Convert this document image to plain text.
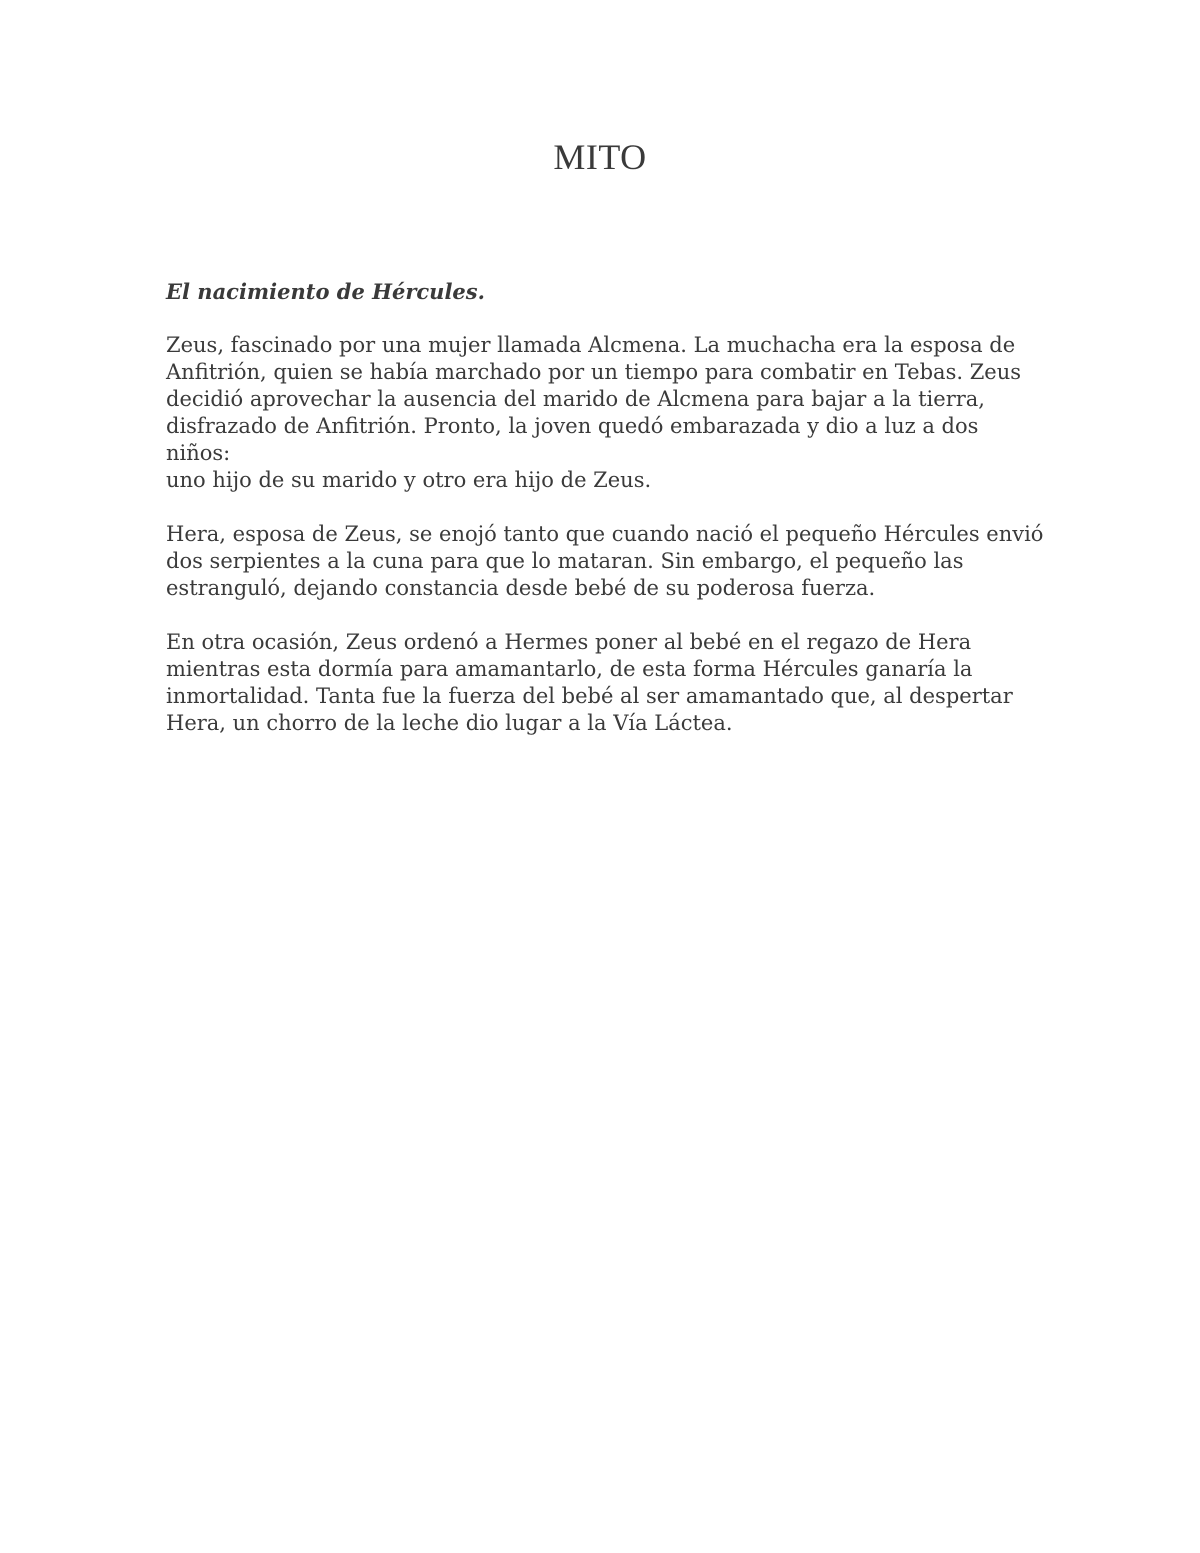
MITO

El nacimiento de Hércules.

Zeus, fascinado por una mujer llamada Alcmena. La muchacha era la esposa de
Anfitrión, quien se había marchado por un tiempo para combatir en Tebas. Zeus
decidió aprovechar la ausencia del marido de Alcmena para bajar a la tierra,
disfrazado de Anfitrión. Pronto, la joven quedó embarazada y dio a luz a dos niños:
uno hijo de su marido y otro era hijo de Zeus.

Hera, esposa de Zeus, se enojó tanto que cuando nació el pequeño Hércules envió
dos serpientes a la cuna para que lo mataran. Sin embargo, el pequeño las
estranguló, dejando constancia desde bebé de su poderosa fuerza.

En otra ocasión, Zeus ordenó a Hermes poner al bebé en el regazo de Hera
mientras esta dormía para amamantarlo, de esta forma Hércules ganaría la
inmortalidad. Tanta fue la fuerza del bebé al ser amamantado que, al despertar
Hera, un chorro de la leche dio lugar a la Vía Láctea.
